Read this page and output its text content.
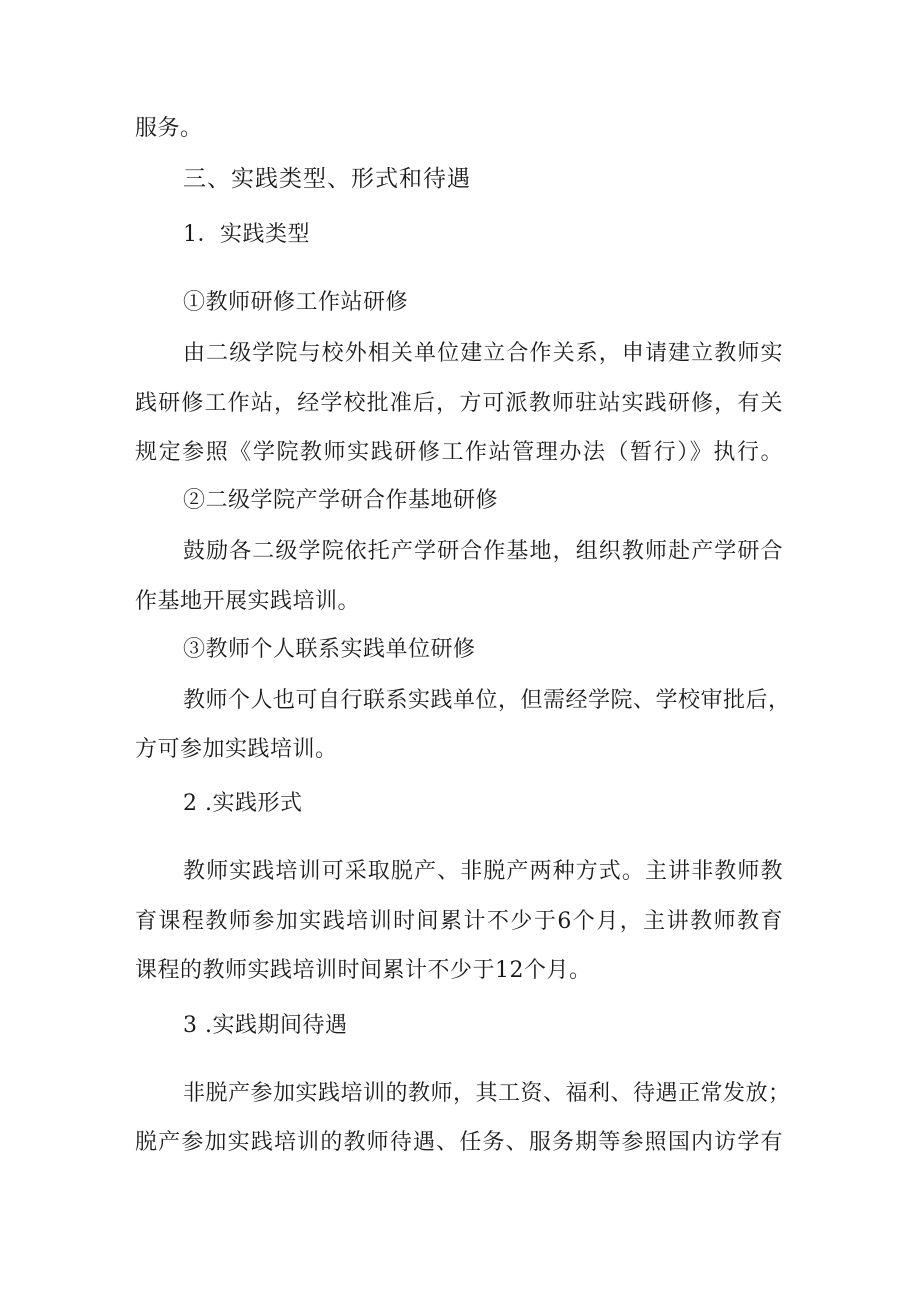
服务。
三、实践类型、形式和待遇
1．实践类型
①教师研修工作站研修
由二级学院与校外相关单位建立合作关系，申请建立教师实
践研修工作站，经学校批准后，方可派教师驻站实践研修，有关
规定参照《学院教师实践研修工作站管理办法（暂行）》执行。
②二级学院产学研合作基地研修
鼓励各二级学院依托产学研合作基地，组织教师赴产学研合
作基地开展实践培训。
③教师个人联系实践单位研修
教师个人也可自行联系实践单位，但需经学院、学校审批后，
方可参加实践培训。
2 .实践形式
教师实践培训可采取脱产、非脱产两种方式。主讲非教师教
育课程教师参加实践培训时间累计不少于6个月，主讲教师教育
课程的教师实践培训时间累计不少于12个月。
3 .实践期间待遇
非脱产参加实践培训的教师，其工资、福利、待遇正常发放；
脱产参加实践培训的教师待遇、任务、服务期等参照国内访学有
